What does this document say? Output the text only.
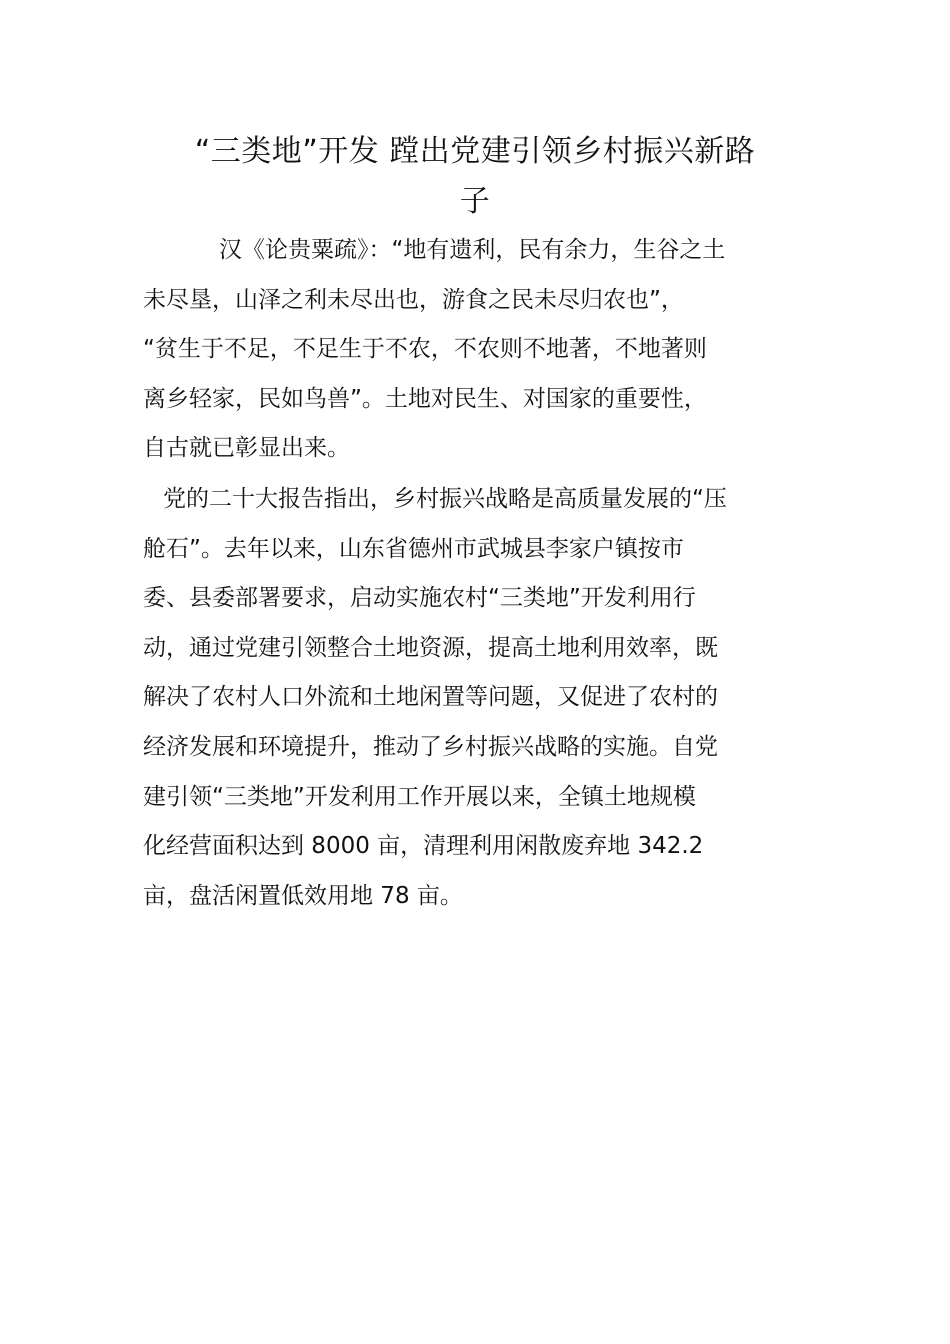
“三类地”开发 蹚出党建引领乡村振兴新路
子

汉《论贵粟疏》：“地有遗利，民有余力，生谷之土
未尽垦，山泽之利未尽出也，游食之民未尽归农也”，
“贫生于不足，不足生于不农，不农则不地著，不地著则
离乡轻家，民如鸟兽”。土地对民生、对国家的重要性，
自古就已彰显出来。

党的二十大报告指出，乡村振兴战略是高质量发展的“压
舱石”。去年以来，山东省德州市武城县李家户镇按市
委、县委部署要求，启动实施农村“三类地”开发利用行
动，通过党建引领整合土地资源，提高土地利用效率，既
解决了农村人口外流和土地闲置等问题，又促进了农村的
经济发展和环境提升，推动了乡村振兴战略的实施。自党
建引领“三类地”开发利用工作开展以来，全镇土地规模
化经营面积达到 8000 亩，清理利用闲散废弃地 342.2
亩，盘活闲置低效用地 78 亩。
